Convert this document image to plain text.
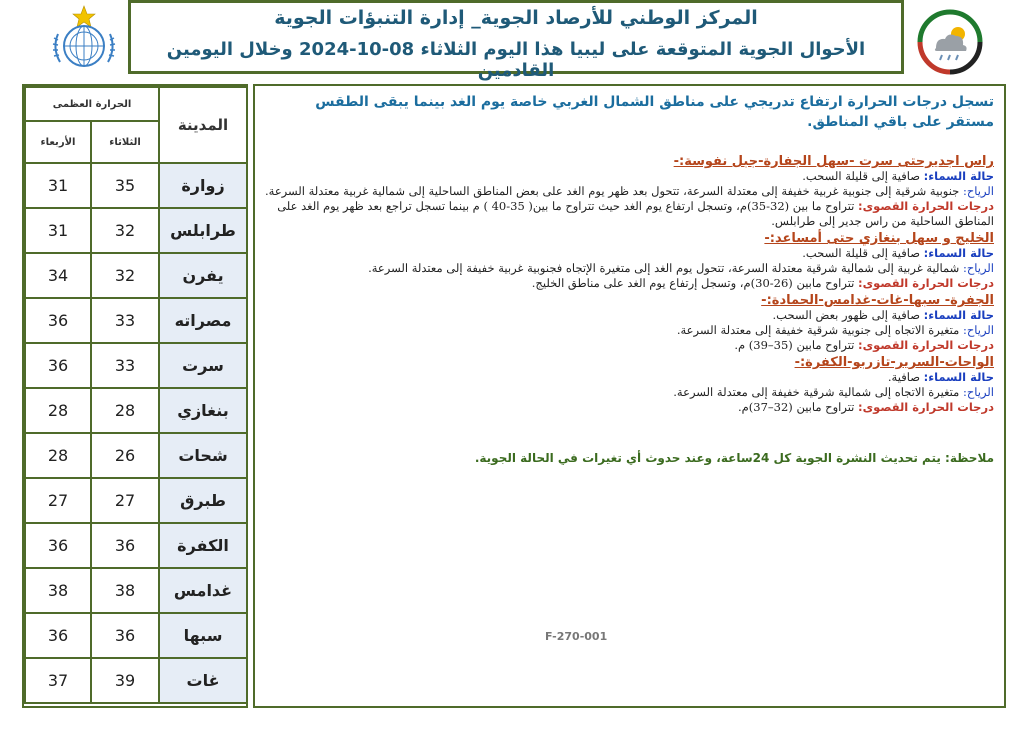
المركز الوطني للأرصاد الجوية_ إدارة التنبؤات الجوية
الأحوال الجوية المتوقعة على ليبيا هذا اليوم الثلاثاء 08-10-2024 وخلال اليومين القادمين
الحرارة العظمى		المدينة
الأربعاء	الثلاثاء	
31	35	زوارة
31	32	طرابلس
34	32	يفرن
36	33	مصراته
36	33	سرت
28	28	بنغازي
28	26	شحات
27	27	طبرق
36	36	الكفرة
38	38	غدامس
36	36	سبها
37	39	غات
تسجل درجات الحرارة ارتفاع تدريجي على مناطق الشمال الغربي خاصة يوم الغد بينما يبقى الطقس مستقر على باقي المناطق.
راس اجديرحتى سرت -سهل الجفارة-جبل نفوسة:-
حالة السماء: صافية إلى قليلة السحب.
الرياح: جنوبية شرقية إلى جنوبية غربية خفيفة إلى معتدلة السرعة، تتحول بعد ظهر يوم الغد على بعض المناطق الساحلية إلى شمالية غربية معتدلة السرعة.
درجات الحرارة القصوى: تتراوح ما بين (32-35)م، وتسجل ارتفاع يوم الغد حيث تتراوح ما بين( 35-40 ) م بينما تسجل تراجع بعد ظهر يوم الغد على المناطق الساحلية من راس جدير إلى طرابلس.
الخليج و سهل بنغازي حتى أمساعد:-
حالة السماء: صافية إلى قليلة السحب.
الرياح: شمالية غربية إلى شمالية شرقية معتدلة السرعة، تتحول يوم الغد إلى متغيرة الإتجاه فجنوبية غربية خفيفة إلى معتدلة السرعة.
درجات الحرارة القصوى: تتراوح مابين (26-30)م، وتسجل إرتفاع يوم الغد على مناطق الخليج.
الجفرة- سبها-غات-غدامس-الحمادة:-
حالة السماء: صافية إلى ظهور بعض السحب.
الرياح: متغيرة الاتجاه إلى جنوبية شرقية خفيفة إلى معتدلة السرعة.
درجات الحرارة القصوى: تتراوح مابين (35–39) م.
الواحات-السرير-تازربو-الكفرة:-
حالة السماء: صافية.
الرياح: متغيرة الاتجاه إلى شمالية شرقية خفيفة إلى معتدلة السرعة.
درجات الحرارة القصوى: تتراوح مابين (32–37)م.
ملاحظة: يتم تحديث النشرة الجوية كل 24ساعة، وعند حدوث أي تغيرات في الحالة الجوية.
F-270-001
